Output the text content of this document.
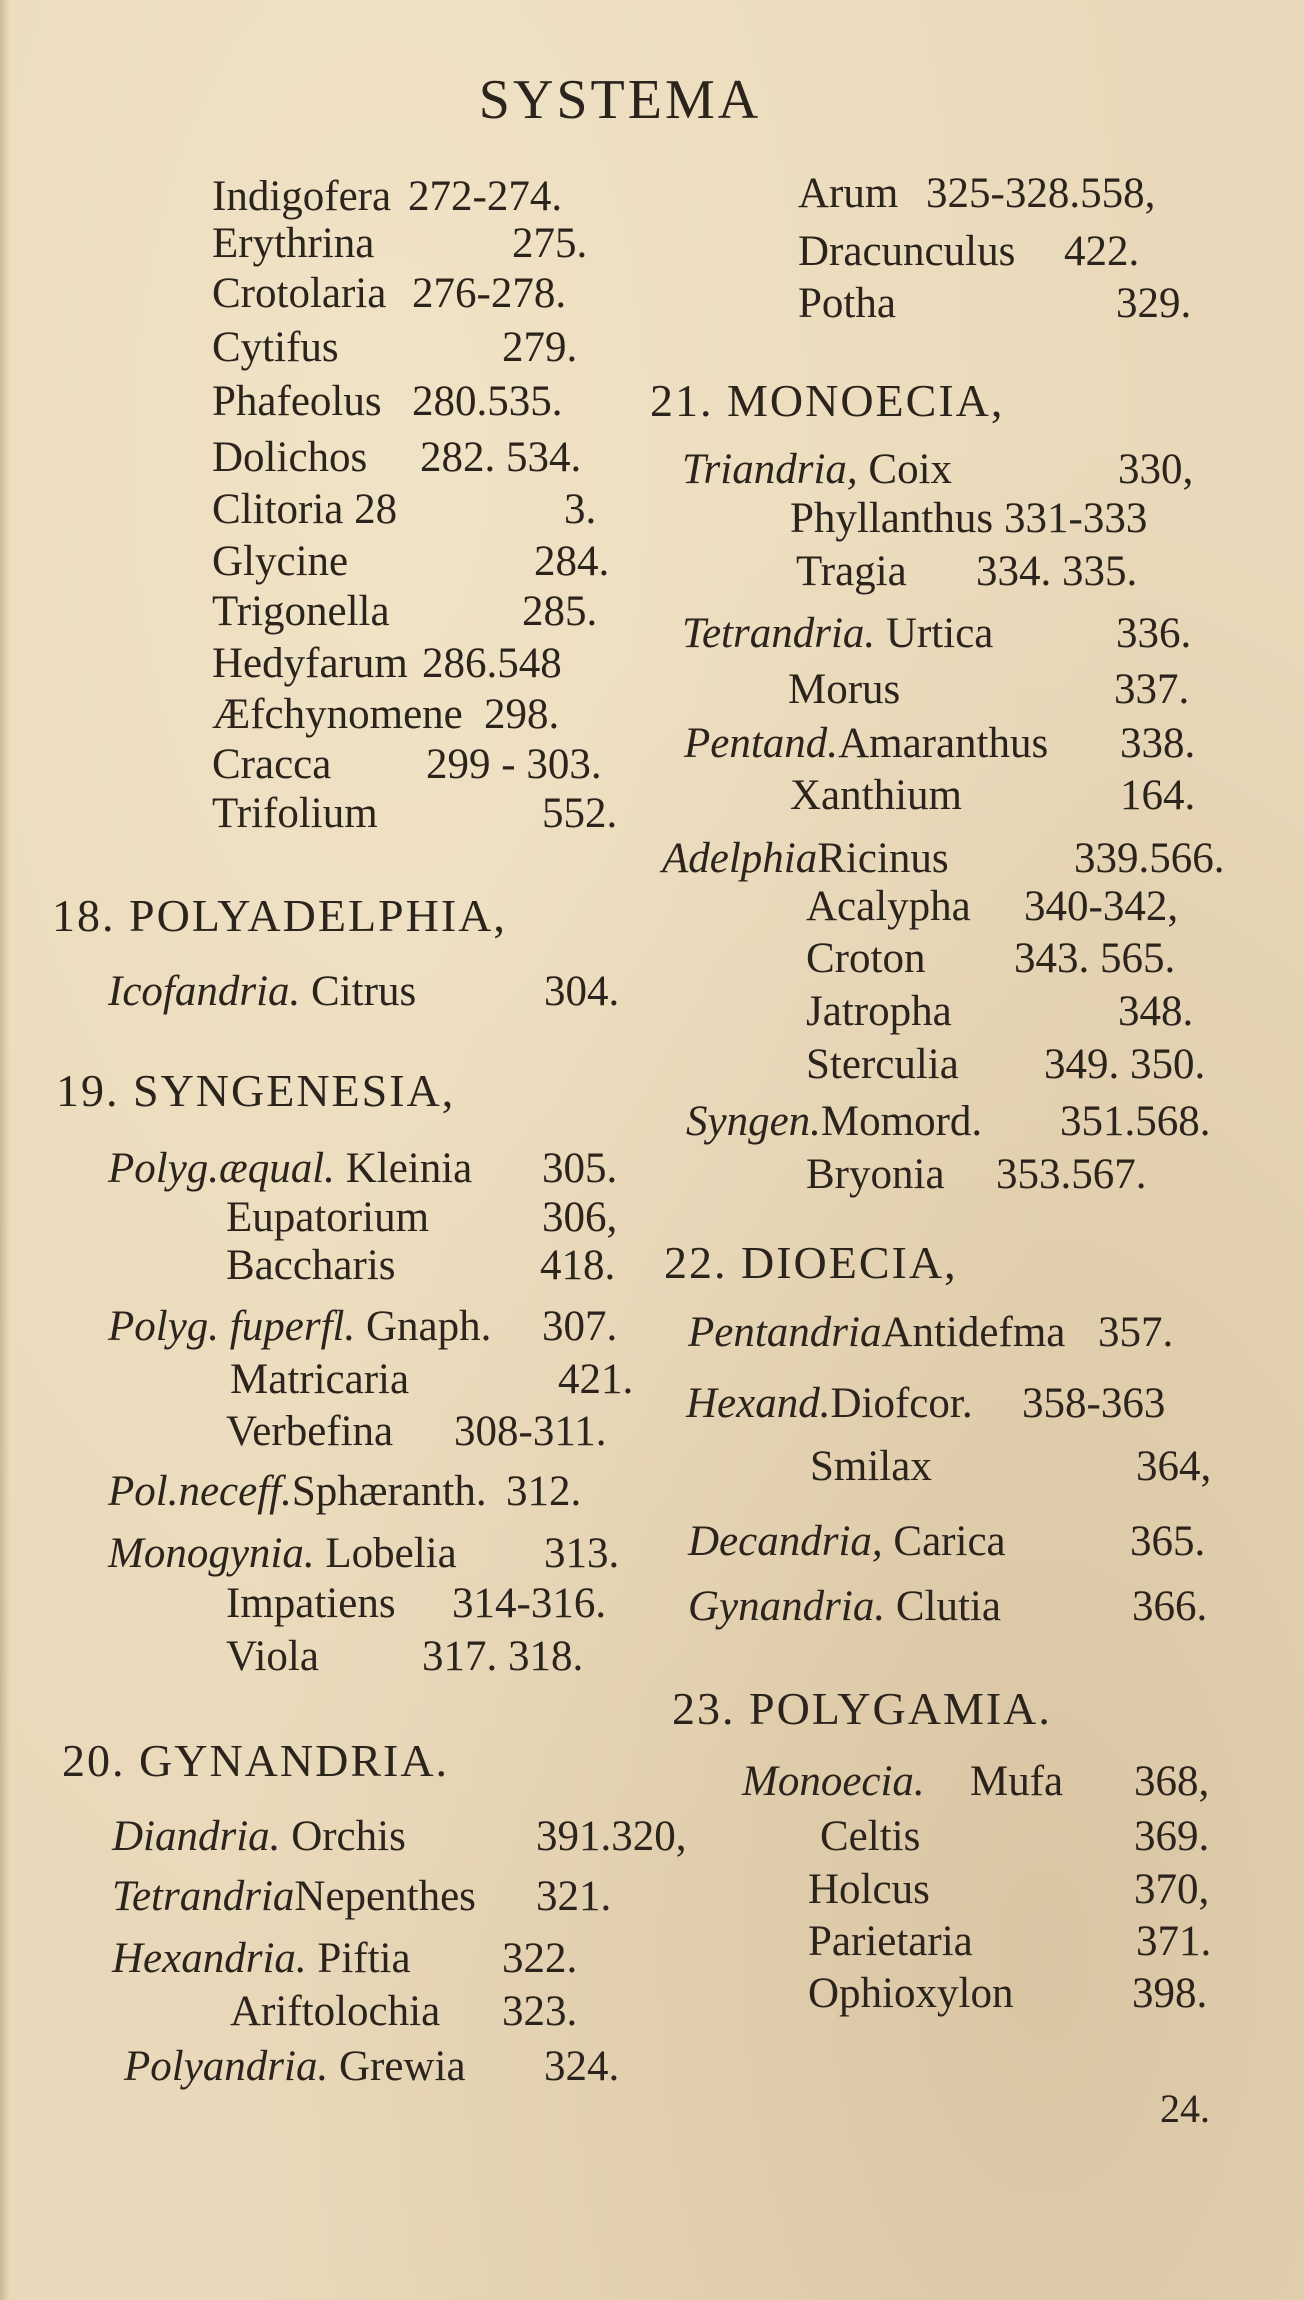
SYSTEMA
Indigofera 272-274.
Erythrina	275.
Crotolaria 276-278.
Cytifus	279.
Phafeolus 280.535.
Dolichos 282. 534.
Clitoria 28	3.
Glycine	284.
Trigonella	285.
Hedyfarum 286.548
Æfchynomene 298.
Cracca 299 - 303.
Trifolium	552.
18. POLYADELPHIA,
Icofandria. Citrus	304.
19. SYNGENESIA,
Polyg.æqual. Kleinia 305.
Eupatorium	306,
Baccharis	418.
Polyg. fuperfl. Gnaph. 307.
Matricaria	421.
Verbefina 308-311.
Pol.neceff.Sphæranth. 312.
Monogynia. Lobelia 313.
Impatiens 314-316.
Viola 317. 318.
20. GYNANDRIA.
Diandria. Orchis	391.320,
TetrandriaNepenthes 321.
Hexandria. Piftia 322.
Ariftolochia 323.
Polyandria. Grewia 324.
Arum 325-328.558,
Dracunculus 422.
Potha	329.
21. MONOECIA,
Triandria, Coix	330,
Phyllanthus 331-333
Tragia 334. 335.
Tetrandria. Urtica	336.
Morus	337.
Pentand.Amaranthus 338.
Xanthium	164.
AdelphiaRicinus	339.566.
Acalypha 340-342,
Croton 343. 565.
Jatropha	348.
Sterculia 349. 350.
Syngen.Momord. 351.568.
Bryonia 353.567.
22. DIOECIA,
PentandriaAntidefma 357.
Hexand.Diofcor. 358-363
Smilax	364,
Decandria, Carica	365.
Gynandria. Clutia	366.
23. POLYGAMIA.
Monoecia. Mufa 368,
Celtis	369.
Holcus	370,
Parietaria	371.
Ophioxylon	398.
24.
